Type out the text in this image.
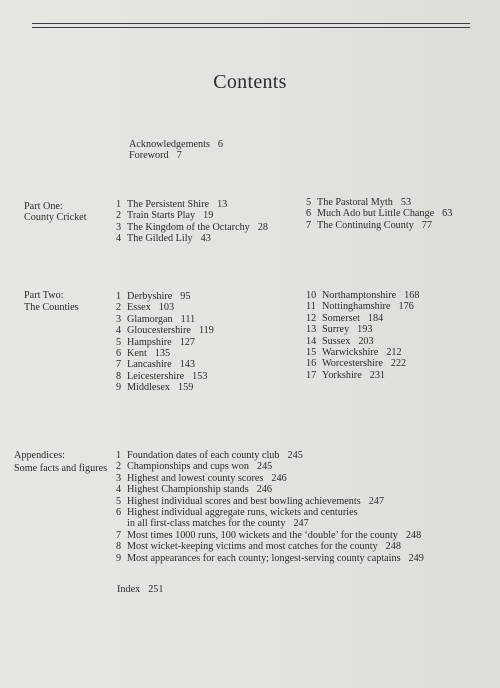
Contents
Acknowledgements 6
Foreword 7
Part One:
County Cricket
1 The Persistent Shire 13
2 Train Starts Play 19
3 The Kingdom of the Octarchy 28
4 The Gilded Lily 43
5 The Pastoral Myth 53
6 Much Ado but Little Change 63
7 The Continuing County 77
Part Two:
The Counties
1 Derbyshire 95
2 Essex 103
3 Glamorgan 111
4 Gloucestershire 119
5 Hampshire 127
6 Kent 135
7 Lancashire 143
8 Leicestershire 153
9 Middlesex 159
10 Northamptonshire 168
11 Nottinghamshire 176
12 Somerset 184
13 Surrey 193
14 Sussex 203
15 Warwickshire 212
16 Worcestershire 222
17 Yorkshire 231
Appendices:
Some facts and figures
1 Foundation dates of each county club 245
2 Championships and cups won 245
3 Highest and lowest county scores 246
4 Highest Championship stands 246
5 Highest individual scores and best bowling achievements 247
6 Highest individual aggregate runs, wickets and centuries
in all first-class matches for the county 247
7 Most times 1000 runs, 100 wickets and the ‘double’ for the county 248
8 Most wicket-keeping victims and most catches for the county 248
9 Most appearances for each county; longest-serving county captains 249
Index 251
